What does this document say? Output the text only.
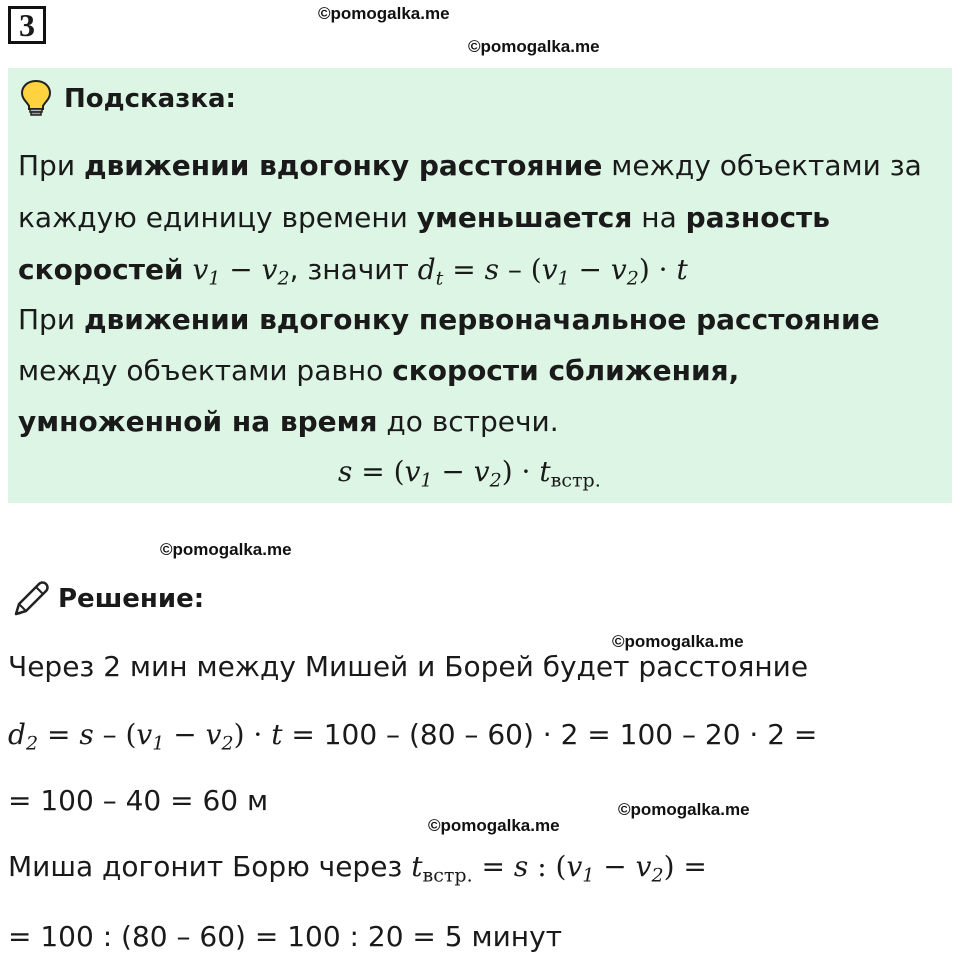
3	©pomogalka.me
©pomogalka.me
Подсказка:
При движении вдогонку расстояние между объектами за
каждую единицу времени уменьшается на разность
скоростей $v_1 - v_2$, значит $d_t = s - (v_1 - v_2) \cdot t$
При движении вдогонку первоначальное расстояние
между объектами равно скорости сближения,
умноженной на время до встречи.
$s = (v_1 - v_2) \cdot t_{встр.}$
©pomogalka.me
Решение:
©pomogalka.me
Через 2 мин между Мишей и Борей будет расстояние
$d_2 = s - (v_1 - v_2) \cdot t = 100 - (80 - 60) \cdot 2 = 100 - 20 \cdot 2$ =
= 100 – 40 = 60 м	©pomogalka.me
©pomogalka.me
Миша догонит Борю через $t_{встр.} = s$ : $(v_1 - v_2)$ =
= 100 : (80 – 60) = 100 : 20 = 5 минут
